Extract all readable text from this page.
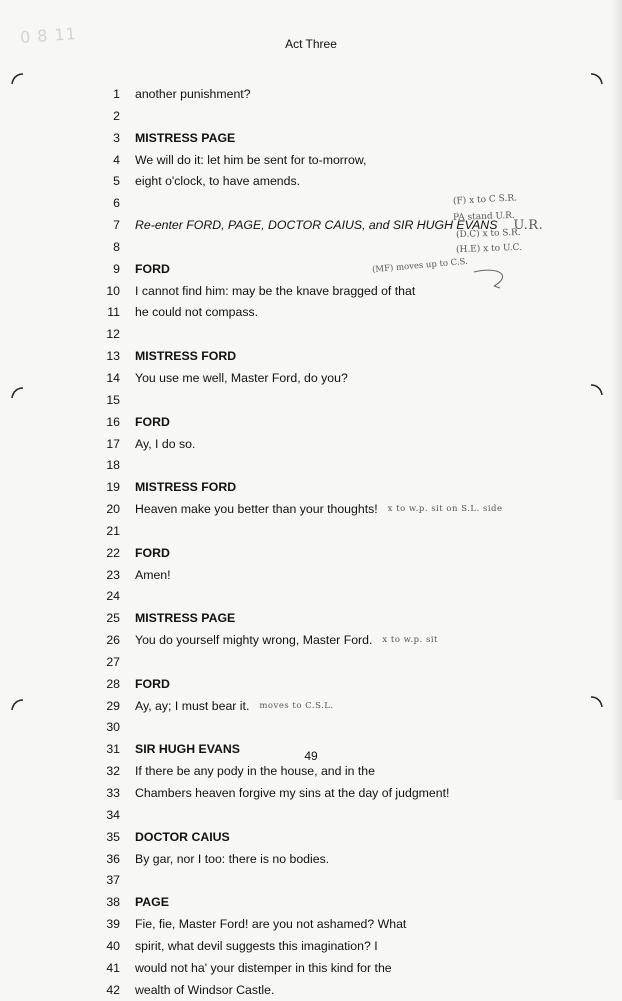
0 8 11	Act Three
1	another punishment?
2
3	MISTRESS PAGE
4	We will do it: let him be sent for to-morrow,
5	eight o'clock, to have amends.
6
7	Re-enter FORD, PAGE, DOCTOR CAIUS, and SIR HUGH EVANS U.R.
8
9	FORD
10	I cannot find him: may be the knave bragged of that
11	he could not compass.
12
13	MISTRESS FORD
14	You use me well, Master Ford, do you?
15
16	FORD
17	Ay, I do so.
18
19	MISTRESS FORD
20	Heaven make you better than your thoughts! x to w.p. sit on S.L. side
21
22	FORD
23	Amen!
24
25	MISTRESS PAGE
26	You do yourself mighty wrong, Master Ford. x to w.p. sit
27
28	FORD
29	Ay, ay; I must bear it. moves to C.S.L.
30
31	SIR HUGH EVANS
32	If there be any pody in the house, and in the
33	Chambers heaven forgive my sins at the day of judgment!
34
35	DOCTOR CAIUS
36	By gar, nor I too: there is no bodies.
37
38	PAGE
39	Fie, fie, Master Ford! are you not ashamed? What
40	spirit, what devil suggests this imagination? I
41	would not ha' your distemper in this kind for the
42	wealth of Windsor Castle.
(F) x to C S.R.
PA stand U.R.
(D.C) x to S.R.
(H.E) x to U.C.
(MF) moves up to C.S.
49
